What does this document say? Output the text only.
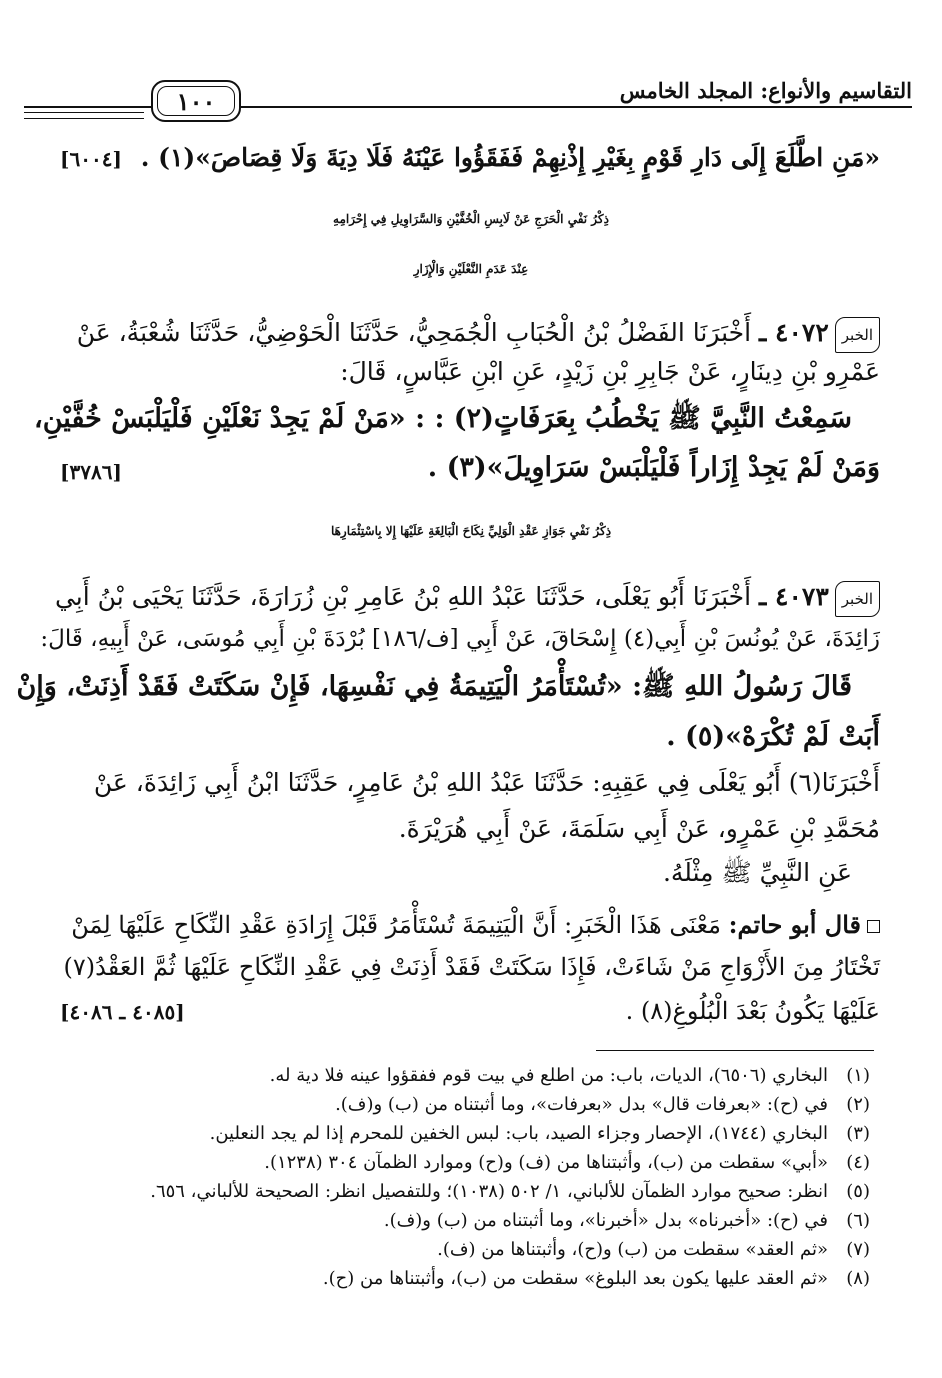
التقاسيم والأنواع: المجلد الخامس
١٠٠
«مَنِ اطَّلَعَ إِلَى دَارِ قَوْمٍ بِغَيْرِ إِذْنِهِمْ فَفَقَؤُوا عَيْنَهُ فَلَا دِيَةَ وَلَا قِصَاصَ»(١) .
[٦٠٠٤]
ذِكْرُ نَفْيِ الْحَرَجِ عَنْ لَابِسِ الْخُفَّيْنِ وَالسَّرَاوِيلِ فِي إِحْرَامِهِ
عِنْدَ عَدَمِ النَّعْلَيْنِ وَالْإِزَارِ
الخبر٤٠٧٢ ـ أَخْبَرَنَا الفَضْلُ بْنُ الْحُبَابِ الْجُمَحِيُّ، حَدَّثَنَا الْحَوْضِيُّ، حَدَّثَنَا شُعْبَةُ، عَنْ
عَمْرِو بْنِ دِينَارٍ، عَنْ جَابِرِ بْنِ زَيْدٍ، عَنِ ابْنِ عَبَّاسٍ، قَالَ:
سَمِعْتُ النَّبِيَّ ﷺ يَخْطُبُ بِعَرَفَاتٍ(٢) : : «مَنْ لَمْ يَجِدْ نَعْلَيْنِ فَلْيَلْبَسْ خُفَّيْنِ،
وَمَنْ لَمْ يَجِدْ إِزَاراً فَلْيَلْبَسْ سَرَاوِيلَ»(٣) .
[٣٧٨٦]
ذِكْرُ نَفْيِ جَوَازِ عَقْدِ الْوَلِيِّ نِكَاحَ الْبَالِغَةِ عَلَيْهَا إِلا بِاسْتِئْمَارِهَا
الخبر٤٠٧٣ ـ أَخْبَرَنَا أَبُو يَعْلَى، حَدَّثَنَا عَبْدُ اللهِ بْنُ عَامِرِ بْنِ زُرَارَةَ، حَدَّثَنَا يَحْيَى بْنُ أَبِي
زَائِدَةَ، عَنْ يُونُسَ بْنِ أَبِي(٤) إِسْحَاقَ، عَنْ أَبِي [ف/١٨٦] بُرْدَةَ بْنِ أَبِي مُوسَى، عَنْ أَبِيهِ، قَالَ:
قَالَ رَسُولُ اللهِ ﷺ: «تُسْتَأْمَرُ الْيَتِيمَةُ فِي نَفْسِهَا، فَإِنْ سَكَتَتْ فَقَدْ أَذِنَتْ، وَإِنْ
أَبَتْ لَمْ تُكْرَهْ»(٥) .
أَخْبَرَنَا(٦) أَبُو يَعْلَى فِي عَقِبِهِ: حَدَّثَنَا عَبْدُ اللهِ بْنُ عَامِرٍ، حَدَّثَنَا ابْنُ أَبِي زَائِدَةَ، عَنْ
مُحَمَّدِ بْنِ عَمْرٍو، عَنْ أَبِي سَلَمَةَ، عَنْ أَبِي هُرَيْرَةَ.
عَنِ النَّبِيِّ ﷺ مِثْلَهُ.
قال أبو حاتم: مَعْنَى هَذَا الْخَبَرِ: أَنَّ الْيَتِيمَةَ تُسْتَأْمَرُ قَبْلَ إِرَادَةِ عَقْدِ النِّكَاحِ عَلَيْهَا لِمَنْ
تَخْتَارُ مِنَ الأَزْوَاجِ مَنْ شَاءَتْ، فَإِذَا سَكَتَتْ فَقَدْ أَذِنَتْ فِي عَقْدِ النِّكَاحِ عَلَيْهَا ثُمَّ العَقْدُ(٧)
عَلَيْهَا يَكُونُ بَعْدَ الْبُلُوغِ(٨) .
[٤٠٨٥ ـ ٤٠٨٦]
(١)البخاري (٦٥٠٦)، الديات، باب: من اطلع في بيت قوم ففقؤوا عينه فلا دية له.
(٢)في (ح): «بعرفات قال» بدل «بعرفات»، وما أثبتناه من (ب) و(ف).
(٣)البخاري (١٧٤٤)، الإحصار وجزاء الصيد، باب: لبس الخفين للمحرم إذا لم يجد النعلين.
(٤)«أبي» سقطت من (ب)، وأثبتناها من (ف) و(ح) وموارد الظمآن ٣٠٤ (١٢٣٨).
(٥)انظر: صحيح موارد الظمآن للألباني، ١/ ٥٠٢ (١٠٣٨)؛ وللتفصيل انظر: الصحيحة للألباني، ٦٥٦.
(٦)في (ح): «أخبرناه» بدل «أخبرنا»، وما أثبتناه من (ب) و(ف).
(٧)«ثم العقد» سقطت من (ب) و(ح)، وأثبتناها من (ف).
(٨)«ثم العقد عليها يكون بعد البلوغ» سقطت من (ب)، وأثبتناها من (ح).
